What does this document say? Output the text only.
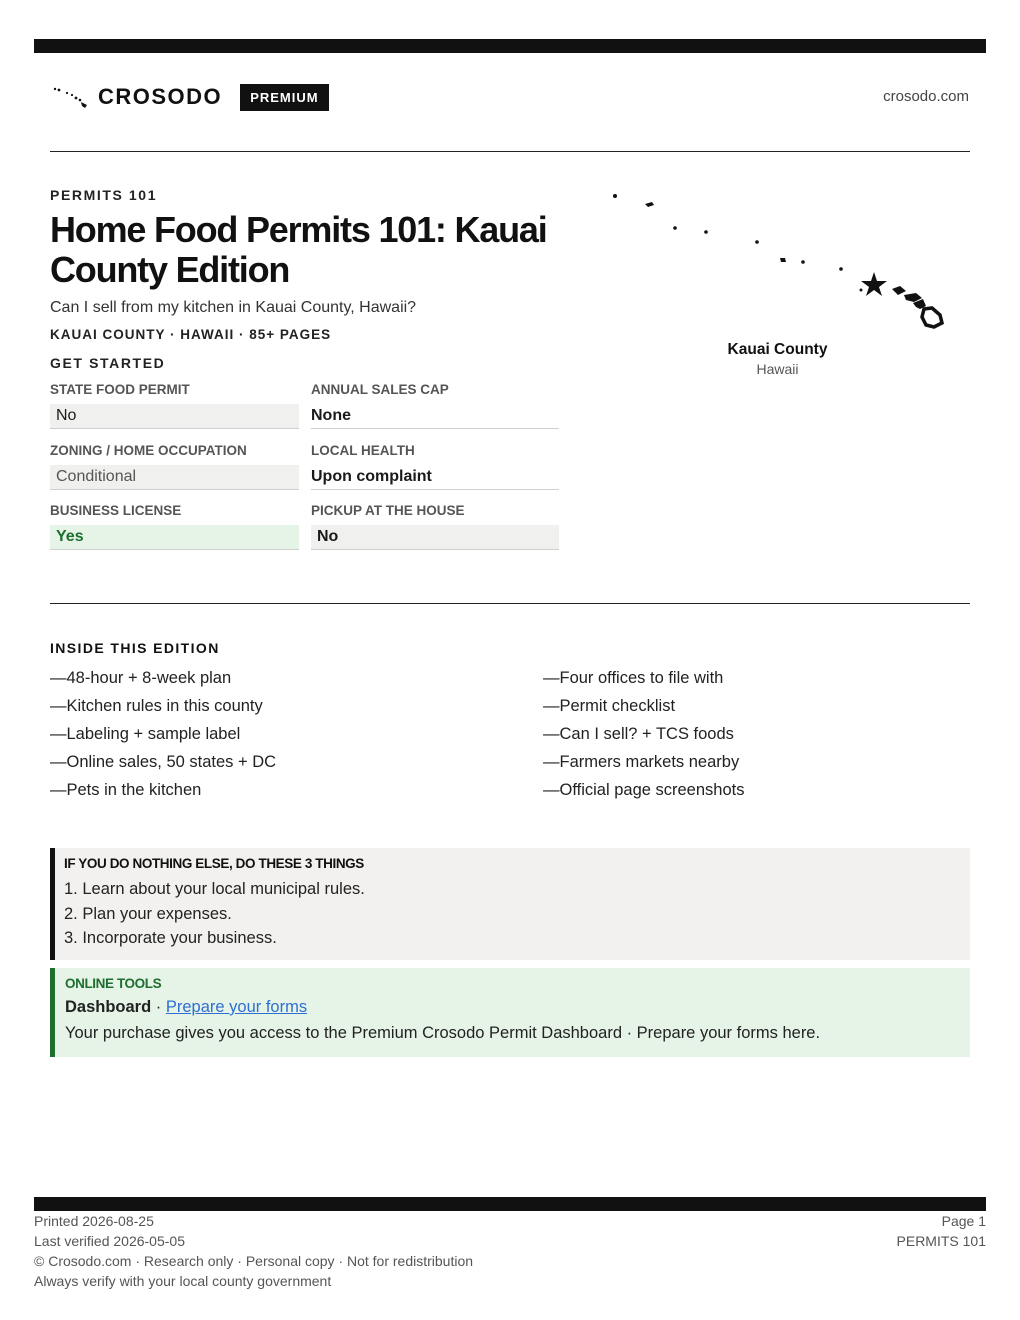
CROSODO	PREMIUM	crosodo.com
PERMITS 101
Home Food Permits 101: Kauai County Edition
Can I sell from my kitchen in Kauai County, Hawaii?
KAUAI COUNTY · HAWAII · 85+ PAGES
GET STARTED
STATE FOOD PERMIT
No
ANNUAL SALES CAP
None
ZONING / HOME OCCUPATION
Conditional
LOCAL HEALTH
Upon complaint
BUSINESS LICENSE
Yes
PICKUP AT THE HOUSE
No
Kauai County
Hawaii
INSIDE THIS EDITION
—48-hour + 8-week plan
—Kitchen rules in this county
—Labeling + sample label
—Online sales, 50 states + DC
—Pets in the kitchen
—Four offices to file with
—Permit checklist
—Can I sell? + TCS foods
—Farmers markets nearby
—Official page screenshots
IF YOU DO NOTHING ELSE, DO THESE 3 THINGS
1. Learn about your local municipal rules.
2. Plan your expenses.
3. Incorporate your business.
ONLINE TOOLS
Dashboard · Prepare your forms
Your purchase gives you access to the Premium Crosodo Permit Dashboard · Prepare your forms here.
Printed 2026-08-25
Last verified 2026-05-05
© Crosodo.com · Research only · Personal copy · Not for redistribution
Always verify with your local county government
Page 1
PERMITS 101
